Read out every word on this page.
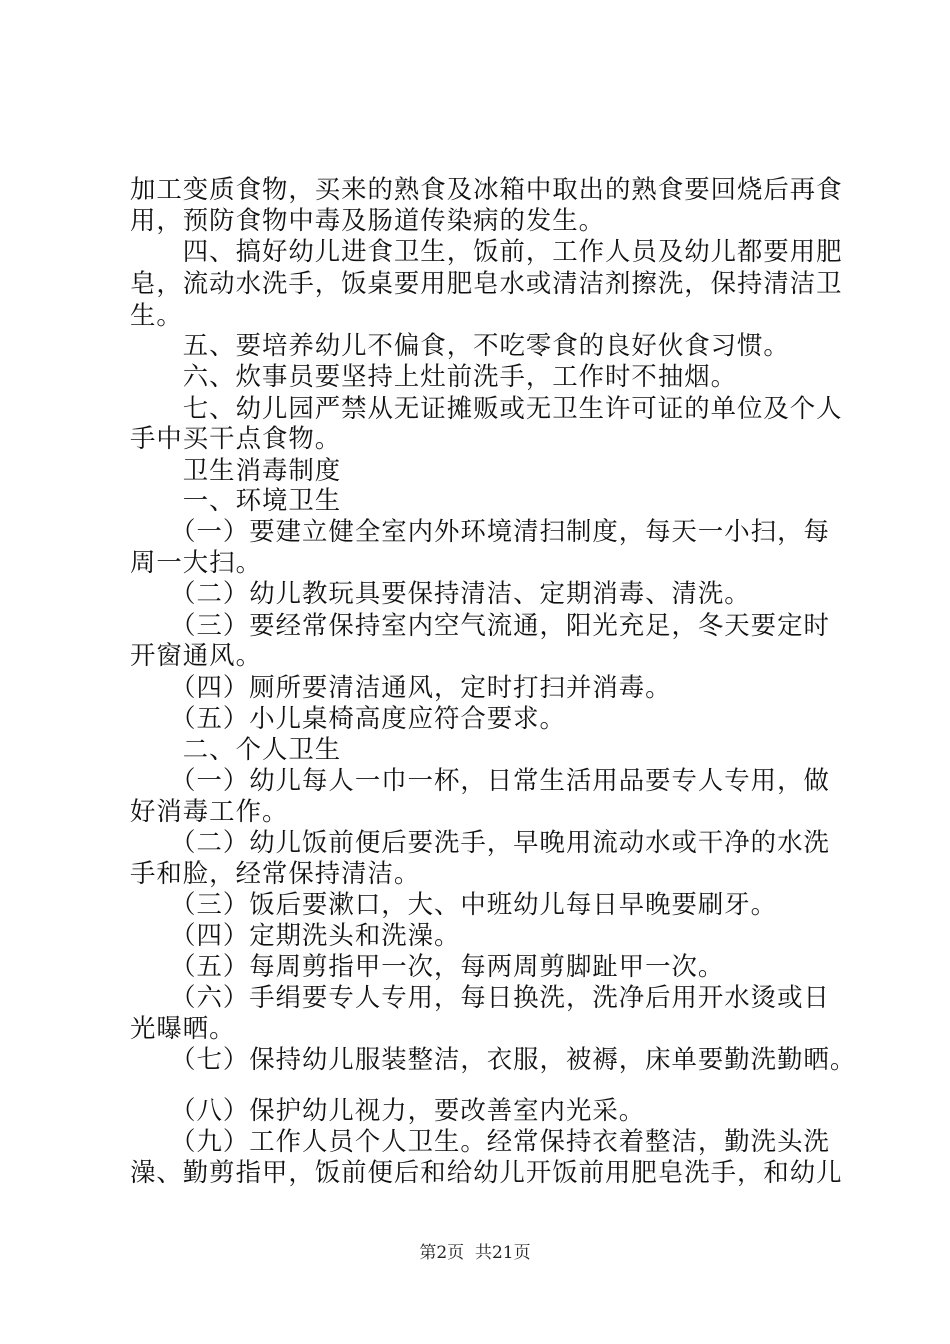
加工变质食物，买来的熟食及冰箱中取出的熟食要回烧后再食
用，预防食物中毒及肠道传染病的发生。
　　四、搞好幼儿进食卫生，饭前，工作人员及幼儿都要用肥
皂，流动水洗手，饭桌要用肥皂水或清洁剂擦洗，保持清洁卫
生。
　　五、要培养幼儿不偏食，不吃零食的良好伙食习惯。
　　六、炊事员要坚持上灶前洗手，工作时不抽烟。
　　七、幼儿园严禁从无证摊贩或无卫生许可证的单位及个人
手中买干点食物。
　　卫生消毒制度
　　一、环境卫生
　　（一）要建立健全室内外环境清扫制度，每天一小扫，每
周一大扫。
　　（二）幼儿教玩具要保持清洁、定期消毒、清洗。
　　（三）要经常保持室内空气流通，阳光充足，冬天要定时
开窗通风。
　　（四）厕所要清洁通风，定时打扫并消毒。
　　（五）小儿桌椅高度应符合要求。
　　二、个人卫生
　　（一）幼儿每人一巾一杯，日常生活用品要专人专用，做
好消毒工作。
　　（二）幼儿饭前便后要洗手，早晚用流动水或干净的水洗
手和脸，经常保持清洁。
　　（三）饭后要漱口，大、中班幼儿每日早晚要刷牙。
　　（四）定期洗头和洗澡。
　　（五）每周剪指甲一次，每两周剪脚趾甲一次。
　　（六）手绢要专人专用，每日换洗，洗净后用开水烫或日
光曝晒。
　　（七）保持幼儿服装整洁，衣服，被褥，床单要勤洗勤晒。
　　（八）保护幼儿视力，要改善室内光采。
　　（九）工作人员个人卫生。经常保持衣着整洁，勤洗头洗
澡、勤剪指甲，饭前便后和给幼儿开饭前用肥皂洗手，和幼儿
第2页  共21页
